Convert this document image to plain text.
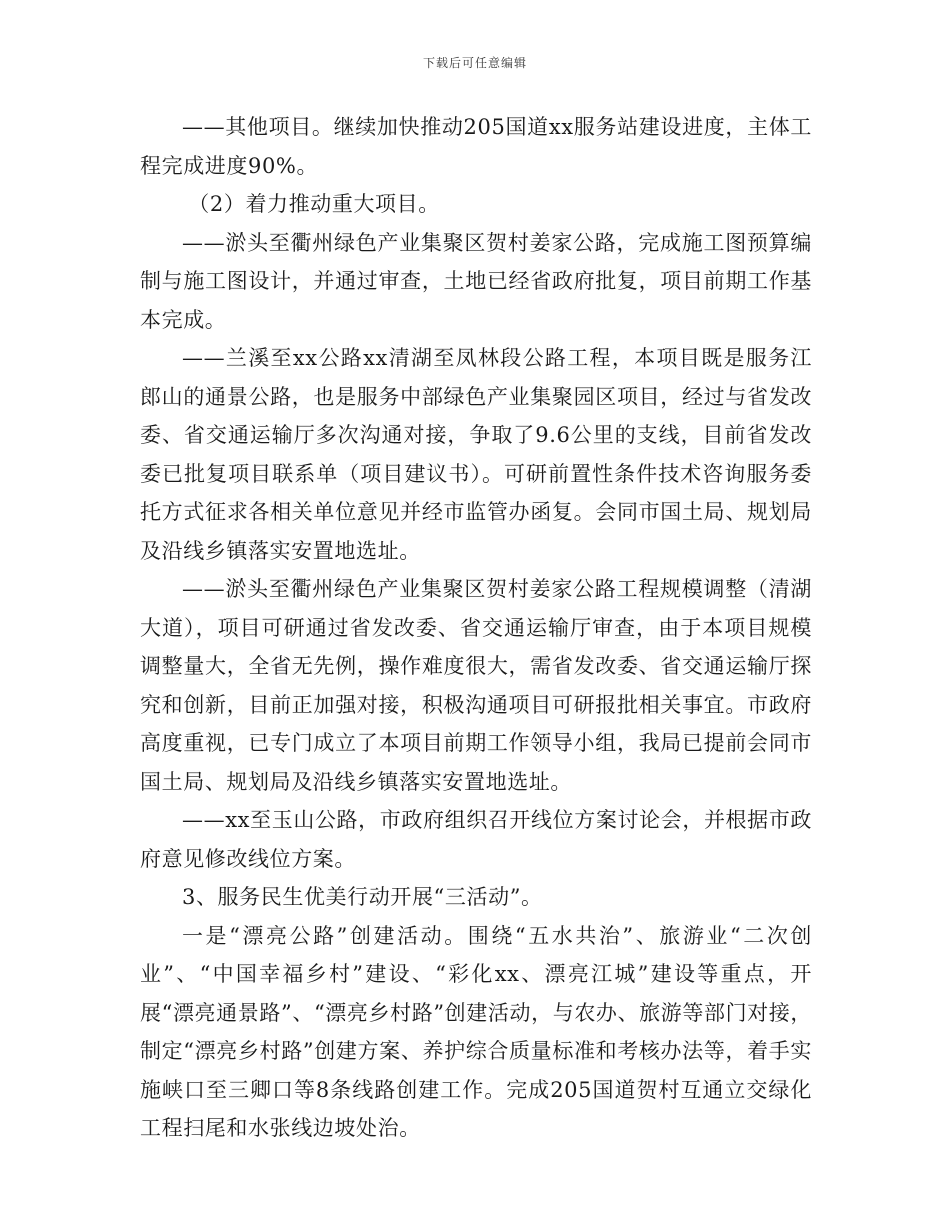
下载后可任意编辑

——其他项目。继续加快推动205国道xx服务站建设进度，主体工程完成进度90%。

（2）着力推动重大项目。

——淤头至衢州绿色产业集聚区贺村姜家公路，完成施工图预算编制与施工图设计，并通过审查，土地已经省政府批复，项目前期工作基本完成。

——兰溪至xx公路xx清湖至凤林段公路工程，本项目既是服务江郎山的通景公路，也是服务中部绿色产业集聚园区项目，经过与省发改委、省交通运输厅多次沟通对接，争取了9.6公里的支线，目前省发改委已批复项目联系单（项目建议书）。可研前置性条件技术咨询服务委托方式征求各相关单位意见并经市监管办函复。会同市国土局、规划局及沿线乡镇落实安置地选址。

——淤头至衢州绿色产业集聚区贺村姜家公路工程规模调整（清湖大道），项目可研通过省发改委、省交通运输厅审查，由于本项目规模调整量大，全省无先例，操作难度很大，需省发改委、省交通运输厅探究和创新，目前正加强对接，积极沟通项目可研报批相关事宜。市政府高度重视，已专门成立了本项目前期工作领导小组，我局已提前会同市国土局、规划局及沿线乡镇落实安置地选址。

——xx至玉山公路，市政府组织召开线位方案讨论会，并根据市政府意见修改线位方案。

3、服务民生优美行动开展“三活动”。

一是“漂亮公路”创建活动。围绕“五水共治”、旅游业“二次创业”、“中国幸福乡村”建设、“彩化xx、漂亮江城”建设等重点，开展“漂亮通景路”、“漂亮乡村路”创建活动，与农办、旅游等部门对接，制定“漂亮乡村路”创建方案、养护综合质量标准和考核办法等，着手实施峡口至三卿口等8条线路创建工作。完成205国道贺村互通立交绿化工程扫尾和水张线边坡处治。
